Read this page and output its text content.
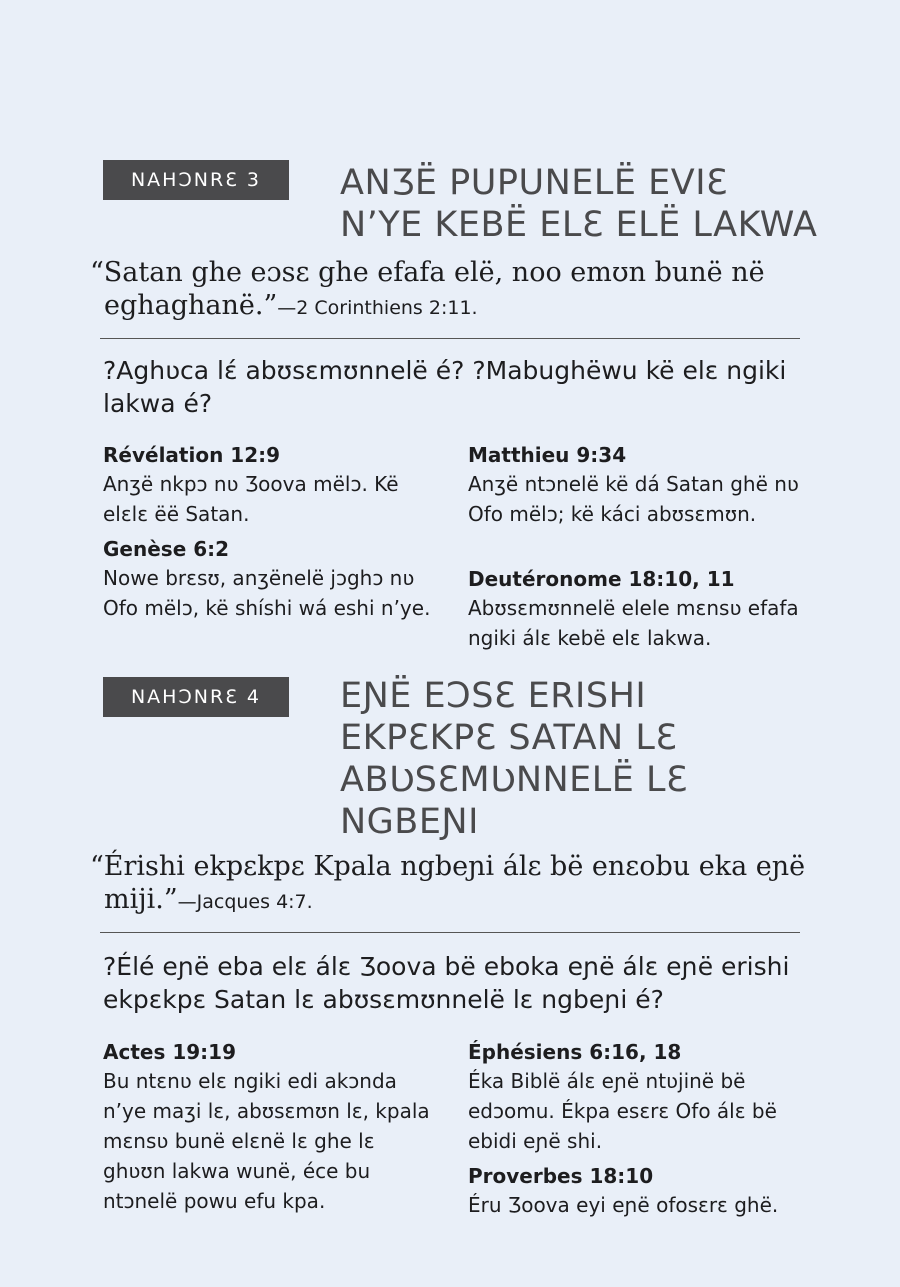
NAHƆNRƐ 3 ANƷË PUPUNELË EVIƐ
N’YE KEBË ELƐ ELË LAKWA
“Satan ghe eɔsɛ ghe efafa elë, noo emʊn bunë në eghaghanë.”—2 Corinthiens 2:11.
?Aghʋca lɛ́ abʊsɛmʊnnelë é? ?Mabughëwu kë elɛ ngiki lakwa é?
Révélation 12:9
Anʒë nkpɔ nʋ Ʒoova mëlɔ. Kë elɛlɛ ëë Satan.
Genèse 6:2
Nowe brɛsʊ, anʒënelë jɔghɔ nʋ Ofo mëlɔ, kë shíshi wá eshi n’ye.
Matthieu 9:34
Anʒë ntɔnelë kë dá Satan ghë nʋ Ofo mëlɔ; kë káci abʊsɛmʊn.
Deutéronome 18:10, 11
Abʊsɛmʊnnelë elele mɛnsʋ efafa ngiki álɛ kebë elɛ lakwa.
NAHƆNRƐ 4 EƝË EƆSƐ ERISHI
EKPƐKPƐ SATAN LƐ
ABƲSƐMƲNNELË LƐ
NGBEƝI
“Érishi ekpɛkpɛ Kpala ngbeɲi álɛ bë enɛobu eka eɲë miji.”—Jacques 4:7.
?Élé eɲë eba elɛ álɛ Ʒoova bë eboka eɲë álɛ eɲë erishi ekpɛkpɛ Satan lɛ abʊsɛmʊnnelë lɛ ngbeɲi é?
Actes 19:19
Bu ntɛnʋ elɛ ngiki edi akɔnda n’ye maʒi lɛ, abʊsɛmʊn lɛ, kpala mɛnsʋ bunë elɛnë lɛ ghe lɛ ghʋʊn lakwa wunë, éce bu ntɔnelë powu efu kpa.
Éphésiens 6:16, 18
Éka Biblë álɛ eɲë ntʋjinë bë edɔomu. Ékpa esɛrɛ Ofo álɛ bë ebidi eɲë shi.
Proverbes 18:10
Éru Ʒoova eyi eɲë ofosɛrɛ ghë.
